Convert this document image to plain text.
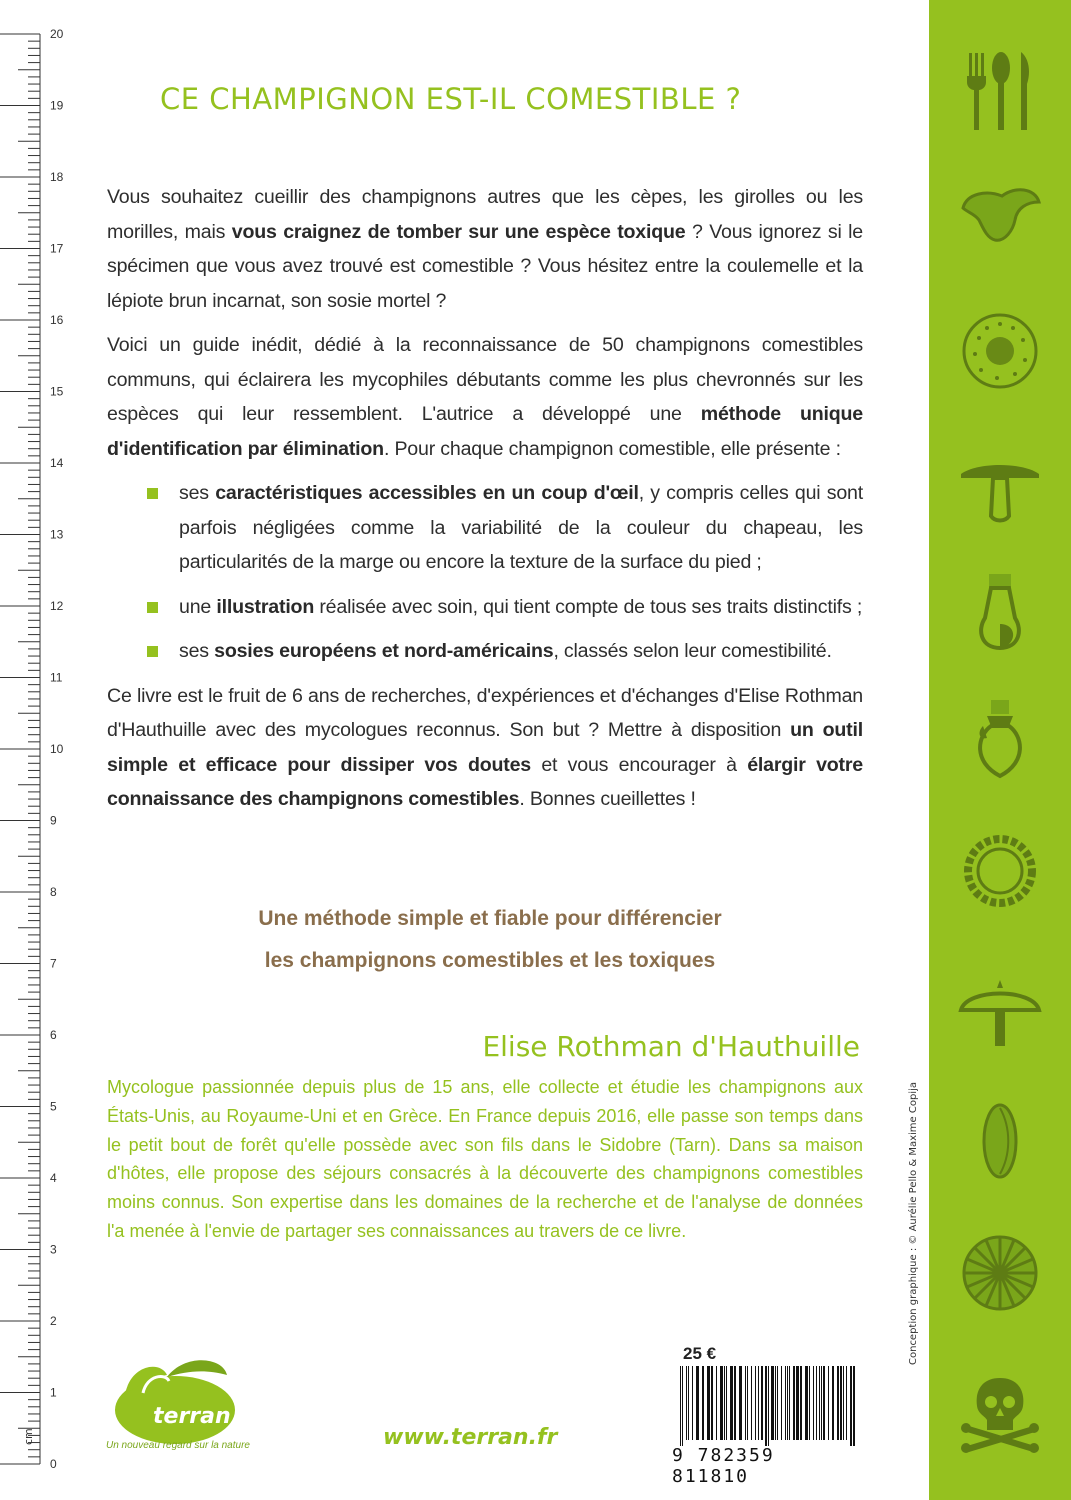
0
1
2
3
4
5
6
7
8
9
10
11
12
13
14
15
16
17
18
19
20
cm
CE CHAMPIGNON EST-IL COMESTIBLE ?

Vous souhaitez cueillir des champignons autres que les cèpes, les girolles ou les morilles, mais vous craignez de tomber sur une espèce toxique ? Vous ignorez si le spécimen que vous avez trouvé est comestible ? Vous hésitez entre la coulemelle et la lépiote brun incarnat, son sosie mortel ?

Voici un guide inédit, dédié à la reconnaissance de 50 champignons comestibles communs, qui éclairera les mycophiles débutants comme les plus chevronnés sur les espèces qui leur ressemblent. L'autrice a développé une méthode unique d'identification par élimination. Pour chaque champignon comestible, elle présente :

ses caractéristiques accessibles en un coup d'œil, y compris celles qui sont parfois négligées comme la variabilité de la couleur du chapeau, les particularités de la marge ou encore la texture de la surface du pied ;
une illustration réalisée avec soin, qui tient compte de tous ses traits distinctifs ;
ses sosies européens et nord-américains, classés selon leur comestibilité.

Ce livre est le fruit de 6 ans de recherches, d'expériences et d'échanges d'Elise Rothman d'Hauthuille avec des mycologues reconnus. Son but ? Mettre à disposition un outil simple et efficace pour dissiper vos doutes et vous encourager à élargir votre connaissance des champignons comestibles. Bonnes cueillettes !

Une méthode simple et fiable pour différencier
les champignons comestibles et les toxiques
Elise Rothman d'Hauthuille
Mycologue passionnée depuis plus de 15 ans, elle collecte et étudie les champignons aux États-Unis, au Royaume-Uni et en Grèce. En France depuis 2016, elle passe son temps dans le petit bout de forêt qu'elle possède avec son fils dans le Sidobre (Tarn). Dans sa maison d'hôtes, elle propose des séjours consacrés à la découverte des champignons comestibles moins connus. Son expertise dans les domaines de la recherche et de l'analyse de données l'a menée à l'envie de partager ses connaissances au travers de ce livre.
terran
Un nouveau regard sur la nature	www.terran.fr
25 €
9 782359 811810
Conception graphique : © Aurélie Pello & Maxime Copija
